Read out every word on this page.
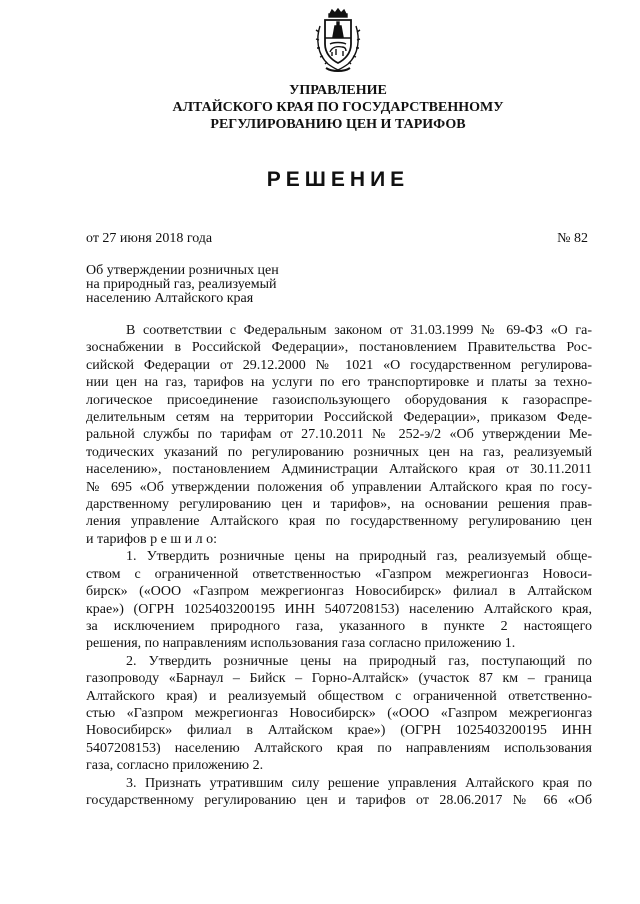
УПРАВЛЕНИЕ
АЛТАЙСКОГО КРАЯ ПО ГОСУДАРСТВЕННОМУ
РЕГУЛИРОВАНИЮ ЦЕН И ТАРИФОВ
РЕШЕНИЕ
от 27 июня 2018 года	№ 82
Об утверждении розничных цен
на природный газ, реализуемый
населению Алтайского края
В соответствии с Федеральным законом от 31.03.1999 № 69-ФЗ «О га-
зоснабжении в Российской Федерации», постановлением Правительства Рос-
сийской Федерации от 29.12.2000 № 1021 «О государственном регулирова-
нии цен на газ, тарифов на услуги по его транспортировке и платы за техно-
логическое присоединение газоиспользующего оборудования к газораспре-
делительным сетям на территории Российской Федерации», приказом Феде-
ральной службы по тарифам от 27.10.2011 № 252-э/2 «Об утверждении Ме-
тодических указаний по регулированию розничных цен на газ, реализуемый
населению», постановлением Администрации Алтайского края от 30.11.2011
№ 695 «Об утверждении положения об управлении Алтайского края по госу-
дарственному регулированию цен и тарифов», на основании решения прав-
ления управление Алтайского края по государственному регулированию цен
и тарифов р е ш и л о:
1. Утвердить розничные цены на природный газ, реализуемый обще-
ством с ограниченной ответственностью «Газпром межрегионгаз Новоси-
бирск» («ООО «Газпром межрегионгаз Новосибирск» филиал в Алтайском
крае») (ОГРН 1025403200195 ИНН 5407208153) населению Алтайского края,
за исключением природного газа, указанного в пункте 2 настоящего
решения, по направлениям использования газа согласно приложению 1.
2. Утвердить розничные цены на природный газ, поступающий по
газопроводу «Барнаул – Бийск – Горно-Алтайск» (участок 87 км – граница
Алтайского края) и реализуемый обществом с ограниченной ответственно-
стью «Газпром межрегионгаз Новосибирск» («ООО «Газпром межрегионгаз
Новосибирск» филиал в Алтайском крае») (ОГРН 1025403200195 ИНН
5407208153) населению Алтайского края по направлениям использования
газа, согласно приложению 2.
3. Признать утратившим силу решение управления Алтайского края по
государственному регулированию цен и тарифов от 28.06.2017 № 66 «Об
